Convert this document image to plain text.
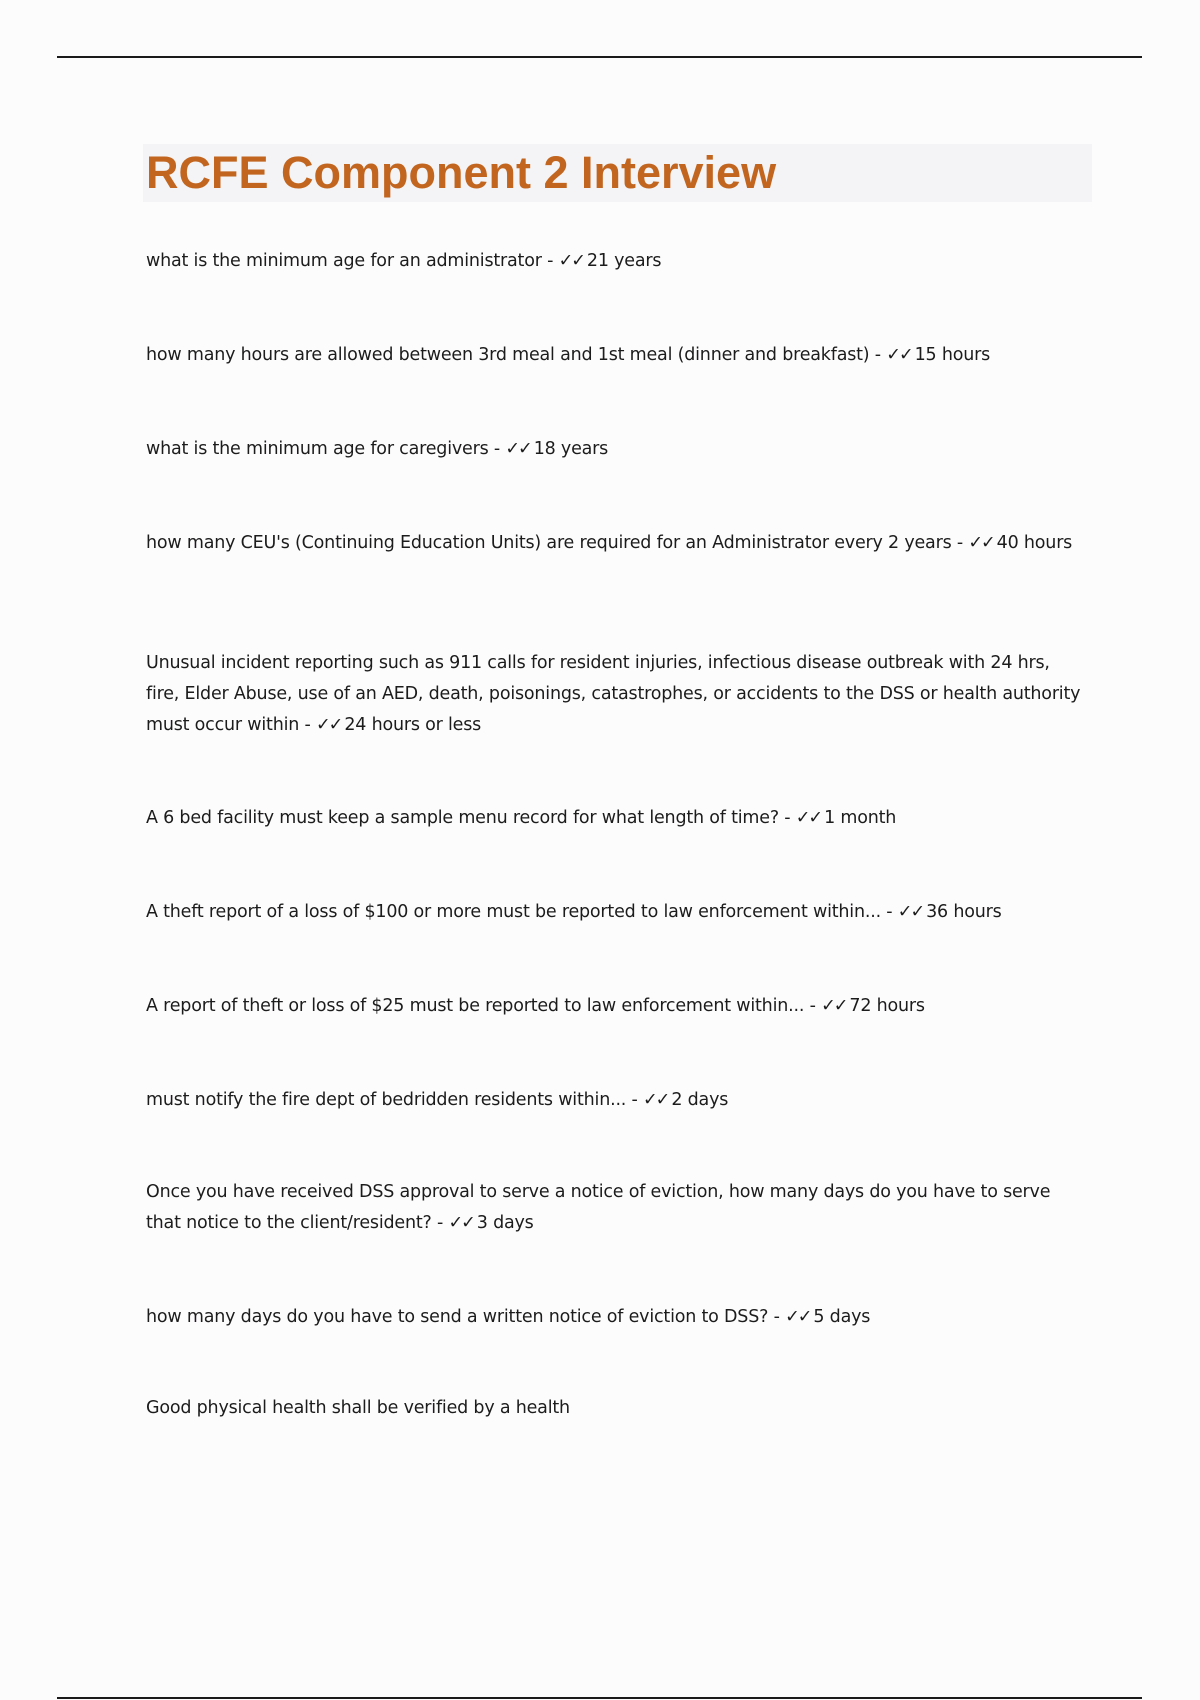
RCFE Component 2 Interview

what is the minimum age for an administrator - ✓✓ 21 years

how many hours are allowed between 3rd meal and 1st meal (dinner and breakfast) - ✓✓ 15 hours

what is the minimum age for caregivers - ✓✓ 18 years

how many CEU's (Continuing Education Units) are required for an Administrator every 2 years - ✓✓ 40 hours

Unusual incident reporting such as 911 calls for resident injuries, infectious disease outbreak with 24 hrs, fire, Elder Abuse, use of an AED, death, poisonings, catastrophes, or accidents to the DSS or health authority must occur within - ✓✓ 24 hours or less

A 6 bed facility must keep a sample menu record for what length of time? - ✓✓ 1 month

A theft report of a loss of $100 or more must be reported to law enforcement within... - ✓✓ 36 hours

A report of theft or loss of $25 must be reported to law enforcement within... - ✓✓ 72 hours

must notify the fire dept of bedridden residents within... - ✓✓ 2 days

Once you have received DSS approval to serve a notice of eviction, how many days do you have to serve that notice to the client/resident? - ✓✓ 3 days

how many days do you have to send a written notice of eviction to DSS? - ✓✓ 5 days

Good physical health shall be verified by a health
